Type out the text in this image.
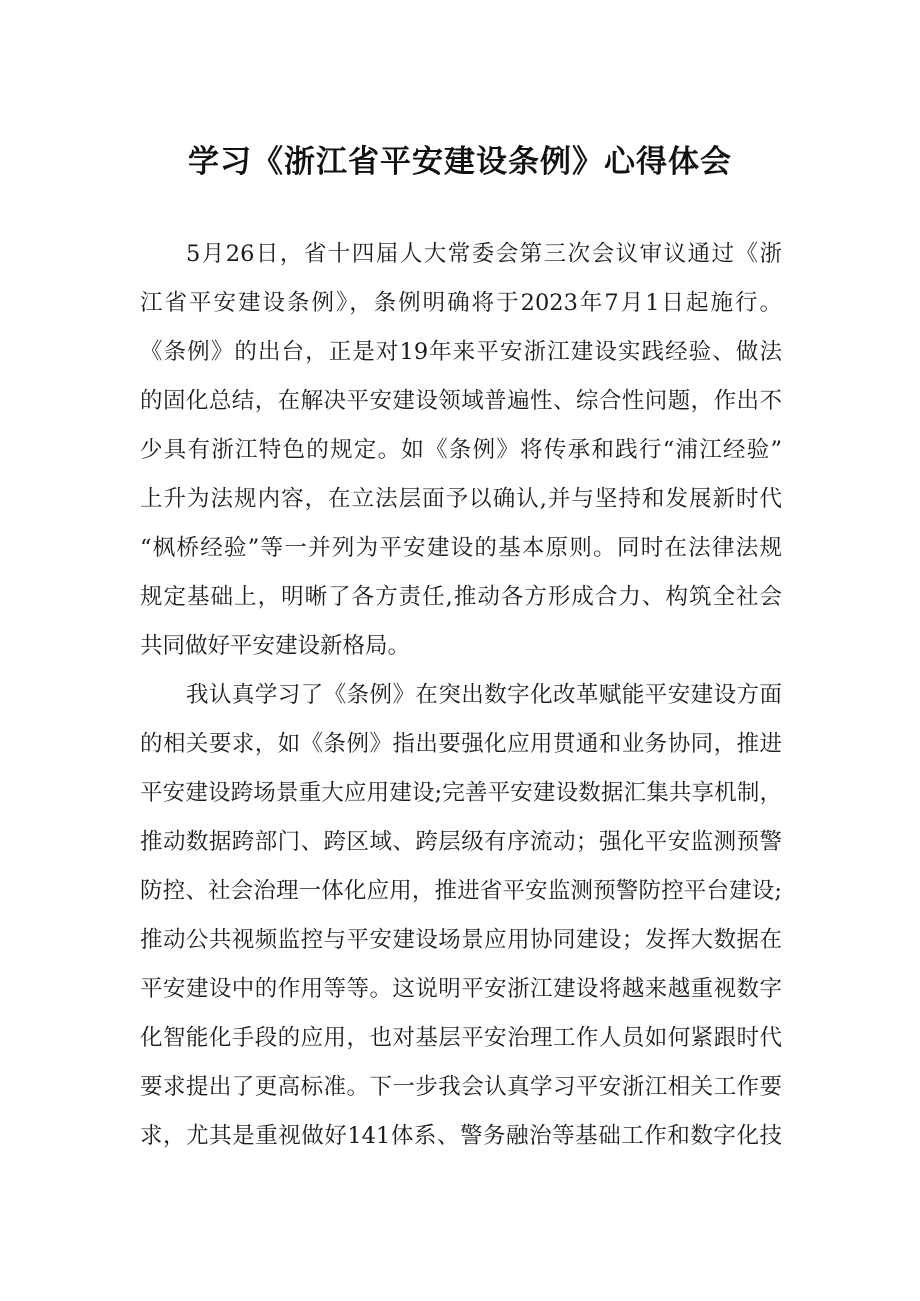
学习《浙江省平安建设条例》心得体会
5月26日，省十四届人大常委会第三次会议审议通过《浙
江省平安建设条例》，条例明确将于2023年7月1日起施行。
《条例》的出台，正是对19年来平安浙江建设实践经验、做法
的固化总结，在解决平安建设领域普遍性、综合性问题，作出不
少具有浙江特色的规定。如《条例》将传承和践行“浦江经验”
上升为法规内容，在立法层面予以确认,并与坚持和发展新时代
“枫桥经验”等一并列为平安建设的基本原则。同时在法律法规
规定基础上，明晰了各方责任,推动各方形成合力、构筑全社会
共同做好平安建设新格局。
我认真学习了《条例》在突出数字化改革赋能平安建设方面
的相关要求，如《条例》指出要强化应用贯通和业务协同，推进
平安建设跨场景重大应用建设;完善平安建设数据汇集共享机制，
推动数据跨部门、跨区域、跨层级有序流动；强化平安监测预警
防控、社会治理一体化应用，推进省平安监测预警防控平台建设;
推动公共视频监控与平安建设场景应用协同建设；发挥大数据在
平安建设中的作用等等。这说明平安浙江建设将越来越重视数字
化智能化手段的应用，也对基层平安治理工作人员如何紧跟时代
要求提出了更高标准。下一步我会认真学习平安浙江相关工作要
求，尤其是重视做好141体系、警务融治等基础工作和数字化技
